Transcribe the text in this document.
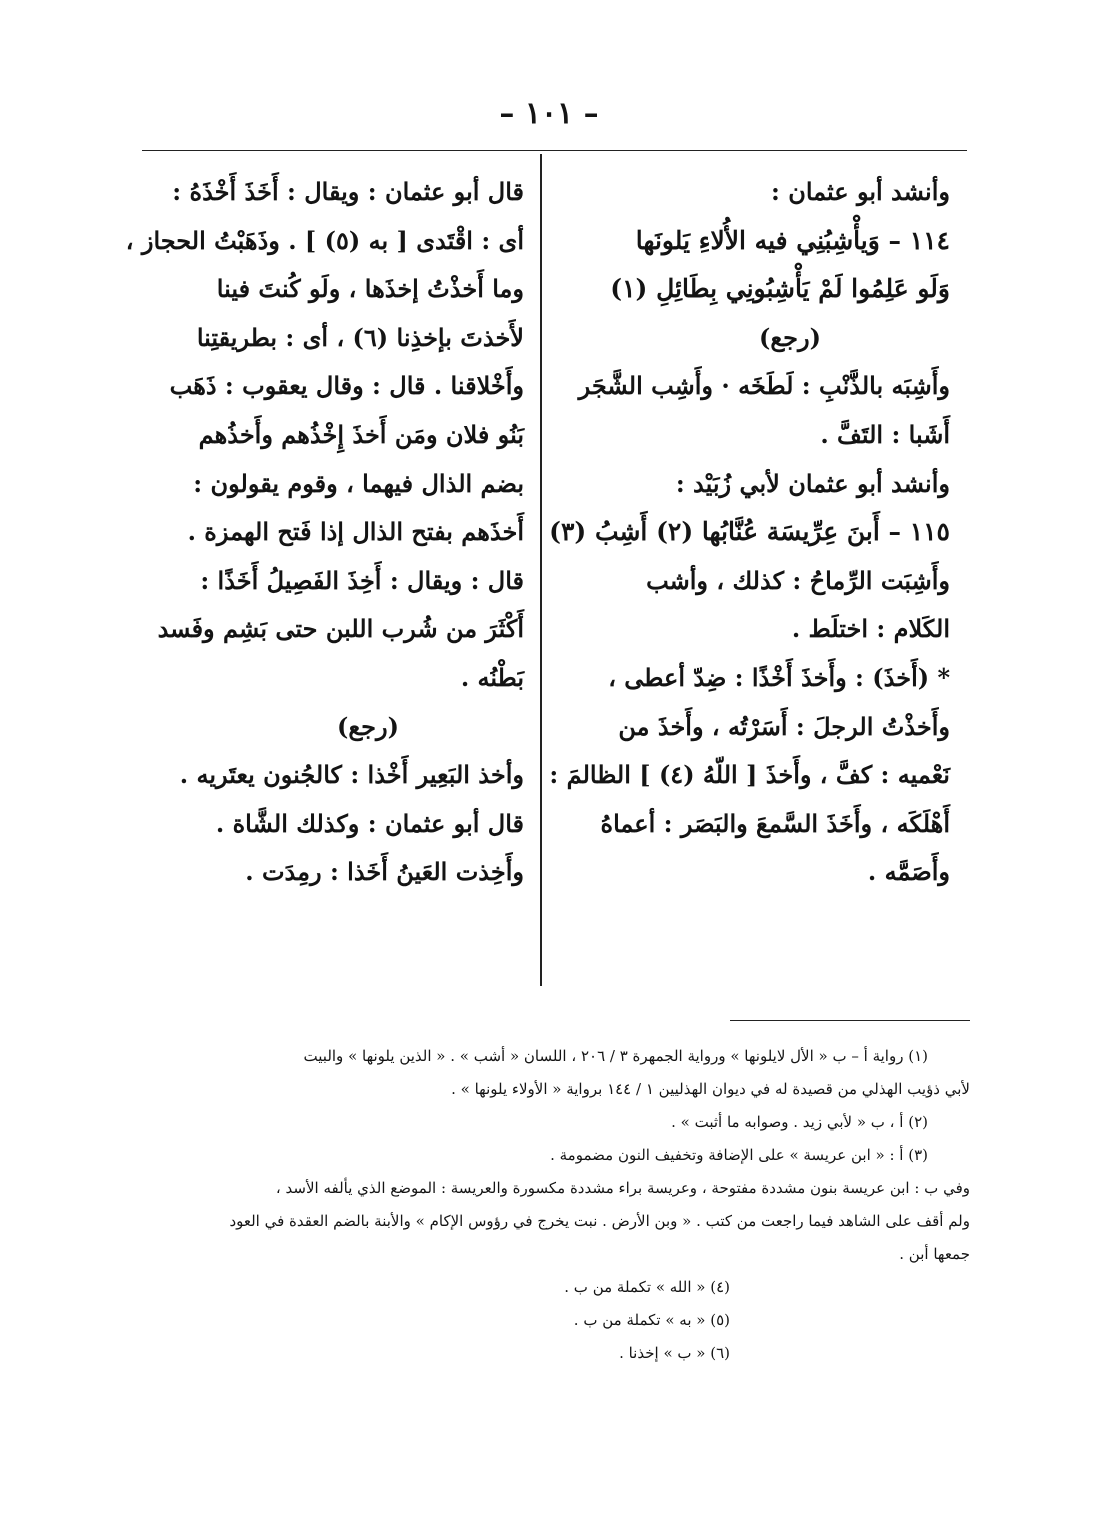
– ١٠١ –
وأنشد أبو عثمان :
١١٤ – وَيأْشِبُنِي فيه الأُلاءِ يَلونَها
وَلَو عَلِمُوا لَمْ يَأْشِبُونِي بِطَائِلِ (١)
(رجع)
وأَشِبَه بالذَّنْبِ : لَطَخَه · وأَشِب الشَّجَر
أَشَبا : التَفَّ .
وأنشد أبو عثمان لأبي زُبَيْد :
١١٥ – أَبنَ عِرِّيسَة عُنَّابُها (٢) أَشِبُ (٣)
وأَشِبَت الرِّماحُ : كذلك ، وأشب
الكَلام : اختلَط .
* (أَخذَ) : وأَخذَ أَخْذًا : ضِدّ أعطى ،
وأَخذْتُ الرجلَ : أَسَرْتُه ، وأَخذَ من
نَعْميه : كفَّ ، وأَخذَ [ اللّهُ (٤) ] الظالمَ :
أَهْلَكَه ، وأَخَذَ السَّمعَ والبَصَر : أعماهُ
وأَصَمَّه .
قال أبو عثمان : ويقال : أَخَذَ أَخْذَهُ :
أى : اقْتَدى [ به (٥) ] . وذَهَبْتُ الحجاز ،
وما أَخذْتُ إخذَها ، ولَو كُنتَ فينا
لأَخذتَ بإخذِنا (٦) ، أى : بطريقتِنا
وأَخْلاقنا . قال : وقال يعقوب : ذَهَب
بَنُو فلان ومَن أَخذَ إِخْذُهم وأَخذُهم
بضم الذال فيهما ، وقوم يقولون :
أَخذَهم بفتح الذال إذا فَتح الهمزة .
قال : ويقال : أَخِذَ الفَصِيلُ أَخَذًا :
أَكْثَرَ من شُرب اللبن حتى بَشِم وفَسد
بَطْنُه .
(رجع)
وأخذ البَعِير أَخْذا : كالجُنون يعتَريه .
قال أبو عثمان : وكذلك الشَّاة .
وأَخِذت العَينُ أَخَذا : رمِدَت .
(١) رواية أ – ب « الأل لايلونها » ورواية الجمهرة ٣ / ٢٠٦ ، اللسان « أشب » . « الذين يلونها » والبيت
لأبي ذؤيب الهذلي من قصيدة له في ديوان الهذليين ١ / ١٤٤ برواية « الأولاء يلونها » .
(٢) أ ، ب « لأبي زيد . وصوابه ما أثبت » .
(٣) أ : « ابن عريسة » على الإضافة وتخفيف النون مضمومة .
وفي ب : ابن عريسة بنون مشددة مفتوحة ، وعريسة براء مشددة مكسورة والعريسة : الموضع الذي يألفه الأسد ،
ولم أقف على الشاهد فيما راجعت من كتب . « وبن الأرض . نبت يخرج في رؤوس الإكام » والأبنة بالضم العقدة في العود
جمعها أبن .
(٤) « الله » تكملة من ب .
(٥) « به » تكملة من ب .
(٦) « ب » إخذنا .
